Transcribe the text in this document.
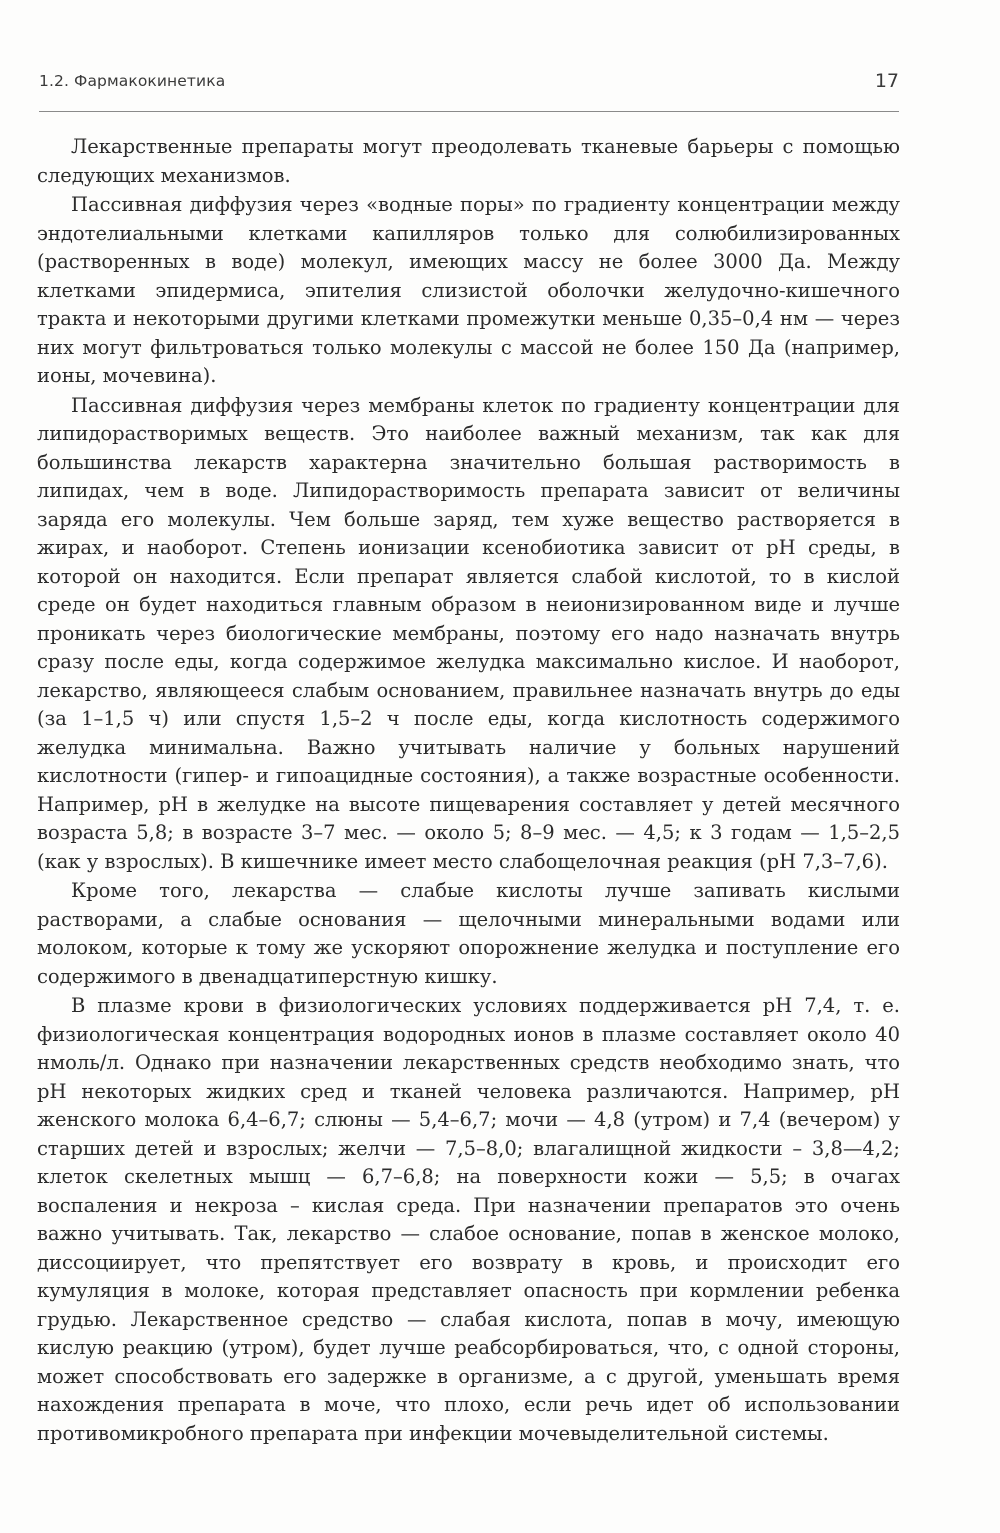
1.2. Фармакокинетика	17

Лекарственные препараты могут преодолевать тканевые барьеры с помощью следующих механизмов.

Пассивная диффузия через «водные поры» по градиенту концентрации между эндотелиальными клетками капилляров только для солюбилизированных (растворенных в воде) молекул, имеющих массу не более 3000 Да. Между клетками эпидермиса, эпителия слизистой оболочки желудочно-кишечного тракта и некоторыми другими клетками промежутки меньше 0,35–0,4 нм — через них могут фильтроваться только молекулы с массой не более 150 Да (например, ионы, мочевина).

Пассивная диффузия через мембраны клеток по градиенту концентрации для липидорастворимых веществ. Это наиболее важный механизм, так как для большинства лекарств характерна значительно большая растворимость в липидах, чем в воде. Липидорастворимость препарата зависит от величины заряда его молекулы. Чем больше заряд, тем хуже вещество растворяется в жирах, и наоборот. Степень ионизации ксенобиотика зависит от pH среды, в которой он находится. Если препарат является слабой кислотой, то в кислой среде он будет находиться главным образом в неионизированном виде и лучше проникать через биологические мембраны, поэтому его надо назначать внутрь сразу после еды, когда содержимое желудка максимально кислое. И наоборот, лекарство, являющееся слабым основанием, правильнее назначать внутрь до еды (за 1–1,5 ч) или спустя 1,5–2 ч после еды, когда кислотность содержимого желудка минимальна. Важно учитывать наличие у больных нарушений кислотности (гипер- и гипоацидные состояния), а также возрастные особенности. Например, pH в желудке на высоте пищеварения составляет у детей месячного возраста 5,8; в возрасте 3–7 мес. — около 5; 8–9 мес. — 4,5; к 3 годам — 1,5–2,5 (как у взрослых). В кишечнике имеет место слабощелочная реакция (pH 7,3–7,6).

Кроме того, лекарства — слабые кислоты лучше запивать кислыми растворами, а слабые основания — щелочными минеральными водами или молоком, которые к тому же ускоряют опорожнение желудка и поступление его содержимого в двенадцатиперстную кишку.

В плазме крови в физиологических условиях поддерживается pH 7,4, т. е. физиологическая концентрация водородных ионов в плазме составляет около 40 нмоль/л. Однако при назначении лекарственных средств необходимо знать, что pH некоторых жидких сред и тканей человека различаются. Например, pH женского молока 6,4–6,7; слюны — 5,4–6,7; мочи — 4,8 (утром) и 7,4 (вечером) у старших детей и взрослых; желчи — 7,5–8,0; влагалищной жидкости – 3,8—4,2; клеток скелетных мышц — 6,7–6,8; на поверхности кожи — 5,5; в очагах воспаления и некроза – кислая среда. При назначении препаратов это очень важно учитывать. Так, лекарство — слабое основание, попав в женское молоко, диссоциирует, что препятствует его возврату в кровь, и происходит его кумуляция в молоке, которая представляет опасность при кормлении ребенка грудью. Лекарственное средство — слабая кислота, попав в мочу, имеющую кислую реакцию (утром), будет лучше реабсорбироваться, что, с одной стороны, может способствовать его задержке в организме, а с другой, уменьшать время нахождения препарата в моче, что плохо, если речь идет об использовании противомикробного препарата при инфекции мочевыделительной системы.
